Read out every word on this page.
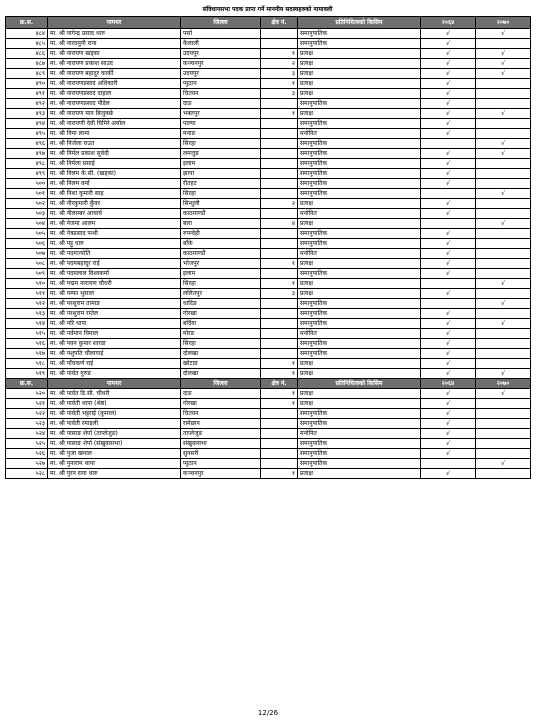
संविधानसभा पदक प्राप्त गर्ने माननीय सदस्यहरुको नामावली
क्र.स.	नामथर	जिल्ला	क्षेत्र नं.	प्रतिनिधित्वको किसिम	२०६४	२०७०
४८४	मा. श्री नागेन्द्र प्रसाद थारु	पर्सा		समानुपातिक	√	√
४८५	मा. श्री नारदमुनी राना	कैलाली		समानुपातिक	√	
४८६	मा. श्री नारायण खड्का	उदयपुर	१	प्रत्यक्ष	√	√
४८७	मा. श्री नारायण प्रकाश साउद	कञ्चनपुर	२	प्रत्यक्ष	√	√
४८९	मा. श्री नारायण बहादुर कार्की	उदयपुर	३	प्रत्यक्ष	√	√
४९०	मा. श्री नारायणप्रसाद अधिकारी	प्युठान	१	प्रत्यक्ष	√	
४९१	मा. श्री नारायणप्रसाद दाहाल	चितवन	३	प्रत्यक्ष	√	
४९२	मा. श्री नारायणप्रसाद पौडेल	दाङ		समानुपातिक	√	
४९३	मा. श्री नारायण मान बिजुक्छे	भक्तपुर	१	प्रत्यक्ष	√	√
४९४	मा. श्री नारायणी देवी घिमिरे अर्याल	पाल्पा		समानुपातिक	√	
४९५	मा. श्री निमा लामा	मनाङ		मनोनित	√	
४९६	मा. श्री निर्जला राउत	सिरहा		समानुपातिक		√
४९७	मा. श्री निर्मल प्रकाश सुवेदी	लमजुङ		समानुपातिक	√	√
४९८	मा. श्री निर्मला प्रसाई	इलाम		समानुपातिक	√	
४९९	मा. श्री निलम के.सी. (खड्का)	झापा		समानुपातिक	√	
५००	मा. श्री निलम वर्मा	रौतहट		समानुपातिक	√	
५०१	मा. श्री निशा कुमारी साह	सिरहा		समानुपातिक		√
५०२	मा. श्री नीरकुमारी कुँवर	सिन्धुली	२	प्रत्यक्ष	√	
५०३	मा. श्री नीलाम्बर आचार्य	काठमाण्डौं		मनोनित	√	
५०४	मा. श्री नेजमा आलम	बारा	४	प्रत्यक्ष		√
५०५	मा. श्री नेत्रप्रसाद पन्थी	रुपन्देही		समानुपातिक	√	
५०६	मा. श्री पट्टु धारु	बाँके		समानुपातिक	√	
५०७	मा. श्री पदमज्योति	काठमाण्डौं		मनोनित	√	
५०८	मा. श्री पदमबहादुर राई	भोजपुर	१	प्रत्यक्ष	√	
५०९	मा. श्री पदमलाल विश्वकर्मा	इलाम		समानुपातिक	√	
५१०	मा. श्री पद्मम नारायण चौधरी	सिरहा	१	प्रत्यक्ष		√
५११	मा. श्री पम्फा भुसाल	ललितपुर	३	प्रत्यक्ष	√	
५१२	मा. श्री परशुराम तामाङ	धादिङ		समानुपातिक		√
५१३	मा. श्री परशुराम रम्तेल	गोरखा		समानुपातिक	√	
५१४	मा. श्री परि थापा	बर्दिया		समानुपातिक	√	√
५१५	मा. श्री पर्वमान घिमाल	मोरङ		मनोनित	√	
५१६	मा. श्री पवन कुमार शारडा	सिरहा		समानुपातिक	√	
५१७	मा. श्री पशुपति चौलागाई	दोलखा		समानुपातिक	√	
५१८	मा. श्री पाँचकर्ण राई	खोटाङ	१	प्रत्यक्ष	√	
५१९	मा. श्री पार्वत गुरुङ	दोलखा	१	प्रत्यक्ष	√	√
क्र.स.	नामथर	जिल्ला	क्षेत्र नं.	प्रतिनिधित्वको किसिम	२०६४	२०७०
५२०	मा. श्री पार्वत डि.सी. चौधरी	दाङ	१	प्रत्यक्ष	√	√
५२१	मा. श्री पार्वती थापा (श्रेष्ठ)	गोरखा	१	प्रत्यक्ष	√	
५२२	मा. श्री पार्वती भट्टराई (कुमाल)	चितवन		समानुपातिक	√	
५२३	मा. श्री पार्वती रमाइली	रामेछाप		समानुपातिक	√	
५२४	मा. श्री पासाङ शेर्पा (ताप्लेजुङ)	ताप्लेजुङ		मनोनित	√	
५२५	मा. श्री पासाङ शेर्पा (संखुवासभा)	संखुवासभा		समानुपातिक	√	
५२६	मा. श्री पुजा खनाल	सुनसरी		समानुपातिक	√	
५२७	मा. श्री पुनाराम थापा	प्युठान		समानुपातिक		√
५२८	मा. श्री पुरन राना थारु	कञ्चनपुर	१	प्रत्यक्ष	√	
12/26
